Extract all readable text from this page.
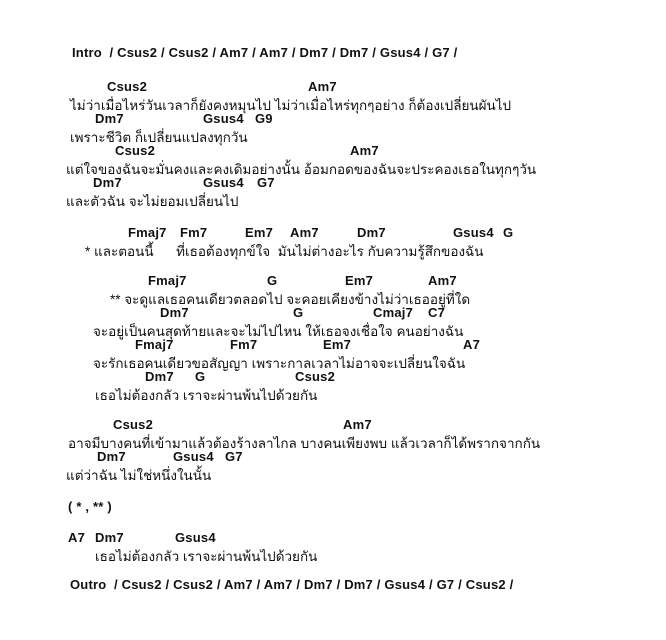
Intro  / Csus2 / Csus2 / Am7 / Am7 / Dm7 / Dm7 / Gsus4 / G7 /
Csus2	Am7
ไม่ว่าเมื่อไหร่วันเวลาก็ยังคงหมุนไป ไม่ว่าเมื่อไหร่ทุกๆอย่าง ก็ต้องเปลี่ยนผันไป
Dm7	Gsus4 G9
เพราะชีวิต ก็เปลี่ยนแปลงทุกวัน
Csus2	Am7
แต่ใจของฉันจะมั่นคงและคงเดิมอย่างนั้น อ้อมกอดของฉันจะประคองเธอในทุกๆวัน
Dm7	Gsus4 G7
และตัวฉัน จะไม่ยอมเปลี่ยนไป
Fmaj7 Fm7	Em7 Am7	Dm7	Gsus4 G
* และตอนนี้      ที่เธอต้องทุกข์ใจ  มันไม่ต่างอะไร กับความรู้สึกของฉัน
Fmaj7	G	Em7	Am7
** จะดูแลเธอคนเดียวตลอดไป จะคอยเคียงข้างไม่ว่าเธออยู่ที่ใด
Dm7	G	Cmaj7 C7
จะอยู่เป็นคนสุดท้ายและจะไม่ไปไหน ให้เธอจงเชื่อใจ คนอย่างฉัน
Fmaj7	Fm7	Em7	A7
จะรักเธอคนเดียวขอสัญญา เพราะกาลเวลาไม่อาจจะเปลี่ยนใจฉัน
Dm7 G	Csus2
เธอไม่ต้องกลัว เราจะผ่านพ้นไปด้วยกัน
Csus2	Am7
อาจมีบางคนที่เข้ามาแล้วต้องร้างลาไกล บางคนเพียงพบ แล้วเวลาก็ได้พรากจากกัน
Dm7	Gsus4 G7
แต่ว่าฉัน ไม่ใช่หนึ่งในนั้น
( * , ** )
A7 Dm7	Gsus4
เธอไม่ต้องกลัว เราจะผ่านพ้นไปด้วยกัน
Outro  / Csus2 / Csus2 / Am7 / Am7 / Dm7 / Dm7 / Gsus4 / G7 / Csus2 /
